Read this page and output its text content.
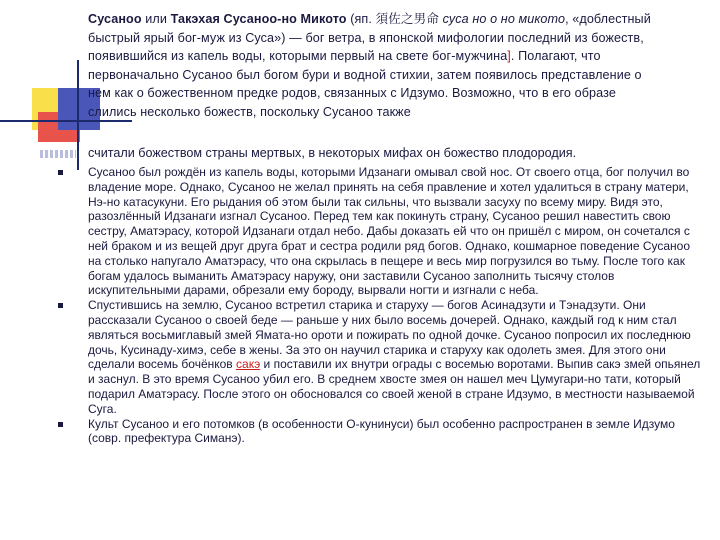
Сусаноо или Такэхая Сусаноо-но Микото (яп. 須佐之男命 суса но о но микото, «доблестный быстрый ярый бог-муж из Суса») — бог ветра, в японской мифологии последний из божеств, появившийся из капель воды, которыми первый на свете бог-мужчина]. Полагают, что первоначально Сусаноо был богом бури и водной стихии, затем появилось представление о нем как о божественном предке родов, связанных с Идзумо. Возможно, что в его образе слились несколько божеств, поскольку Сусаноо также
считали божеством страны мертвых, в некоторых мифах он божество плодородия.
Сусаноо был рождён из капель воды, которыми Идзанаги омывал свой нос. От своего отца, бог получил во владение море. Однако, Сусаноо не желал принять на себя правление и хотел удалиться в страну матери, Нэ-но катасукуни. Его рыдания об этом были так сильны, что вызвали засуху по всему миру. Видя это, разозлённый Идзанаги изгнал Сусаноо. Перед тем как покинуть страну, Сусаноо решил навестить свою сестру, Аматэрасу, которой Идзанаги отдал небо. Дабы доказать ей что он пришёл с миром, он сочетался с ней браком и из вещей друг друга брат и сестра родили ряд богов. Однако, кошмарное поведение Сусаноо на столько напугало Аматэрасу, что она скрылась в пещере и весь мир погрузился во тьму. После того как богам удалось выманить Аматэрасу наружу, они заставили Сусаноо заполнить тысячу столов искупительными дарами, обрезали ему бороду, вырвали ногти и изгнали с неба.
Спустившись на землю, Сусаноо встретил старика и старуху — богов Асинадзути и Тэнадзути. Они рассказали Сусаноо о своей беде — раньше у них было восемь дочерей. Однако, каждый год к ним стал являться восьмиглавый змей Ямата-но ороти и пожирать по одной дочке. Сусаноо попросил их последнюю дочь, Кусинаду-химэ, себе в жены. За это он научил старика и старуху как одолеть змея. Для этого они сделали восемь бочёнков сакэ и поставили их внутри ограды с восемью воротами. Выпив сакэ змей опьянел и заснул. В это время Сусаноо убил его. В среднем хвосте змея он нашел меч Цумугари-но тати, который подарил Аматэрасу. После этого он обосновался со своей женой в стране Идзумо, в местности называемой Суга.
Культ Сусаноо и его потомков (в особенности О-кунинуси) был особенно распространен в земле Идзумо (совр. префектура Симанэ).
